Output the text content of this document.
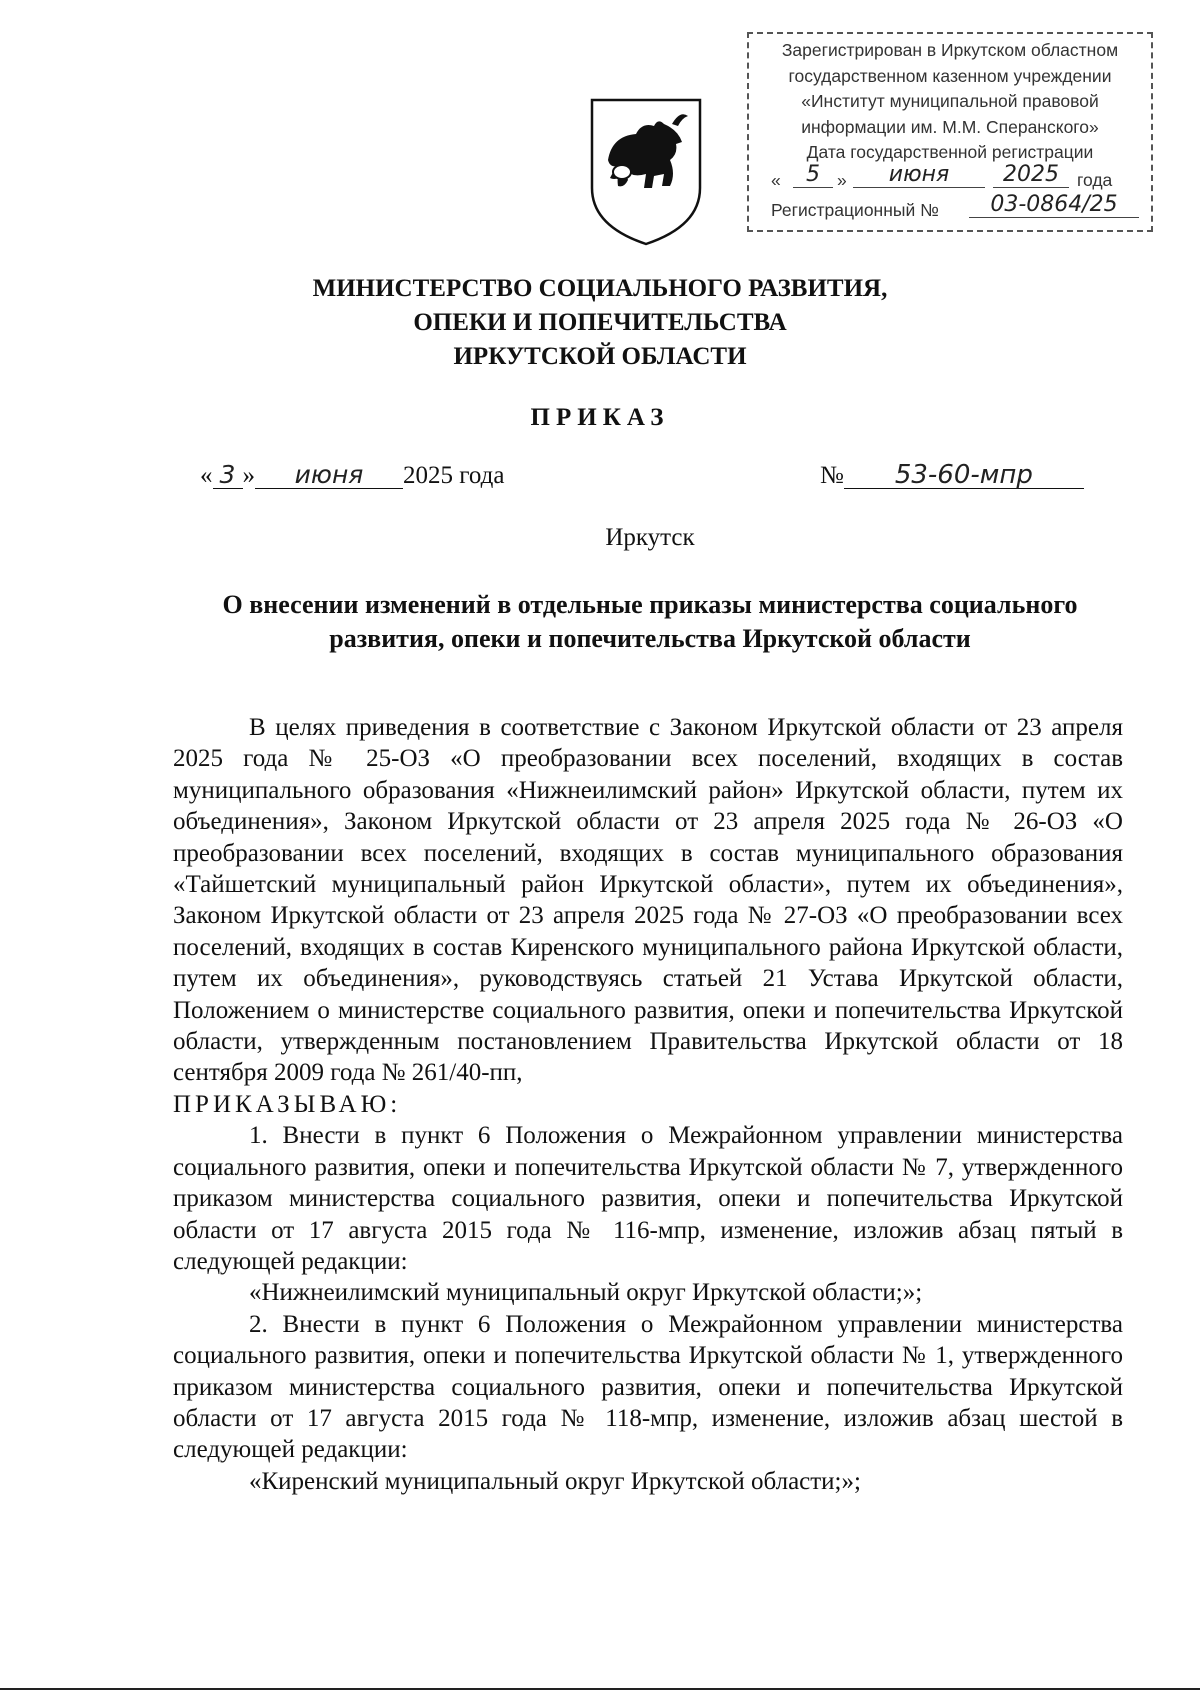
Зарегистрирован в Иркутском областном
государственном казенном учреждении
«Институт муниципальной правовой
информации им. М.М. Сперанского»
Дата государственной регистрации
«	5 »	июня	2025	года
Регистрационный №	03-0864/25
МИНИСТЕРСТВО СОЦИАЛЬНОГО РАЗВИТИЯ,
ОПЕКИ И ПОПЕЧИТЕЛЬСТВА
ИРКУТСКОЙ ОБЛАСТИ
ПРИКАЗ
« 3 » июня 2025 года	№ 53-60-мпр
Иркутск
О внесении изменений в отдельные приказы министерства социального
развития, опеки и попечительства Иркутской области

В целях приведения в соответствие с Законом Иркутской области от 23 апреля 2025 года № 25-ОЗ «О преобразовании всех поселений, входящих в состав муниципального образования «Нижнеилимский район» Иркутской области, путем их объединения», Законом Иркутской области от 23 апреля 2025 года № 26-ОЗ «О преобразовании всех поселений, входящих в состав муниципального образования «Тайшетский муниципальный район Иркутской области», путем их объединения», Законом Иркутской области от 23 апреля 2025 года № 27-ОЗ «О преобразовании всех поселений, входящих в состав Киренского муниципального района Иркутской области, путем их объединения», руководствуясь статьей 21 Устава Иркутской области, Положением о министерстве социального развития, опеки и попечительства Иркутской области, утвержденным постановлением Правительства Иркутской области от 18 сентября 2009 года № 261/40-пп,

ПРИКАЗЫВАЮ:

1. Внести в пункт 6 Положения о Межрайонном управлении министерства социального развития, опеки и попечительства Иркутской области № 7, утвержденного приказом министерства социального развития, опеки и попечительства Иркутской области от 17 августа 2015 года № 116-мпр, изменение, изложив абзац пятый в следующей редакции:

«Нижнеилимский муниципальный округ Иркутской области;»;

2. Внести в пункт 6 Положения о Межрайонном управлении министерства социального развития, опеки и попечительства Иркутской области № 1, утвержденного приказом министерства социального развития, опеки и попечительства Иркутской области от 17 августа 2015 года № 118-мпр, изменение, изложив абзац шестой в следующей редакции:

«Киренский муниципальный округ Иркутской области;»;
